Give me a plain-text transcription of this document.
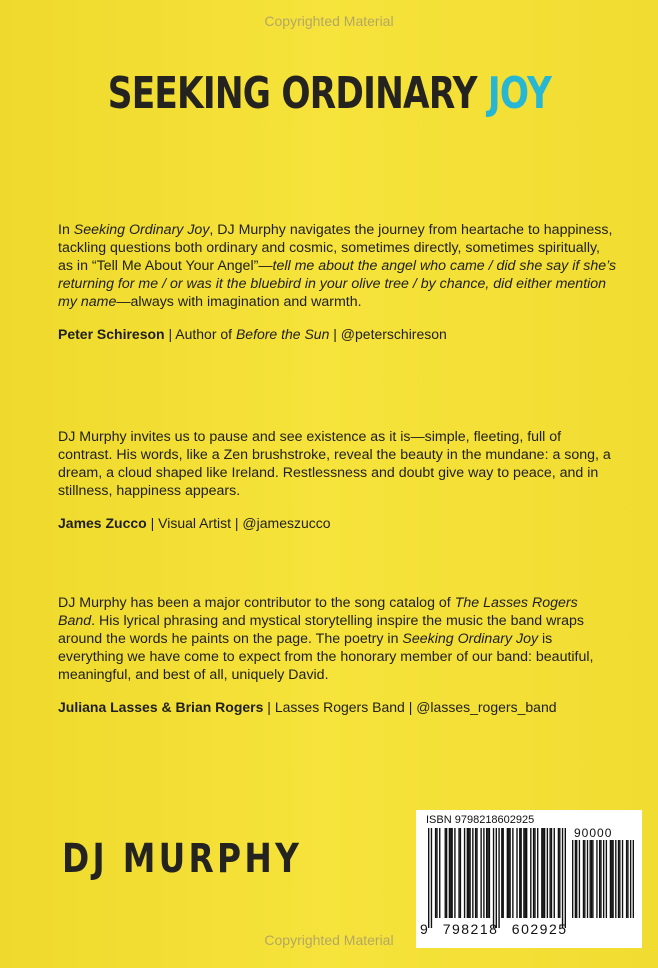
Copyrighted Material
SEEKING ORDINARY JOY

In Seeking Ordinary Joy, DJ Murphy navigates the journey from heartache to happiness, tackling questions both ordinary and cosmic, sometimes directly, sometimes spiritually, as in “Tell Me About Your Angel”—tell me about the angel who came / did she say if she’s returning for me / or was it the bluebird in your olive tree / by chance, did either mention my name—always with imagination and warmth.

Peter Schireson | Author of Before the Sun | @peterschireson

DJ Murphy invites us to pause and see existence as it is—simple, fleeting, full of contrast. His words, like a Zen brushstroke, reveal the beauty in the mundane: a song, a dream, a cloud shaped like Ireland. Restlessness and doubt give way to peace, and in stillness, happiness appears.

James Zucco | Visual Artist | @jameszucco

DJ Murphy has been a major contributor to the song catalog of The Lasses Rogers Band. His lyrical phrasing and mystical storytelling inspire the music the band wraps around the words he paints on the page. The poetry in Seeking Ordinary Joy is everything we have come to expect from the honorary member of our band: beautiful, meaningful, and best of all, uniquely David.

Juliana Lasses & Brian Rogers | Lasses Rogers Band | @lasses_rogers_band

DJ MURPHY
ISBN 9798218602925
90000
9 798218 602925
Copyrighted Material
